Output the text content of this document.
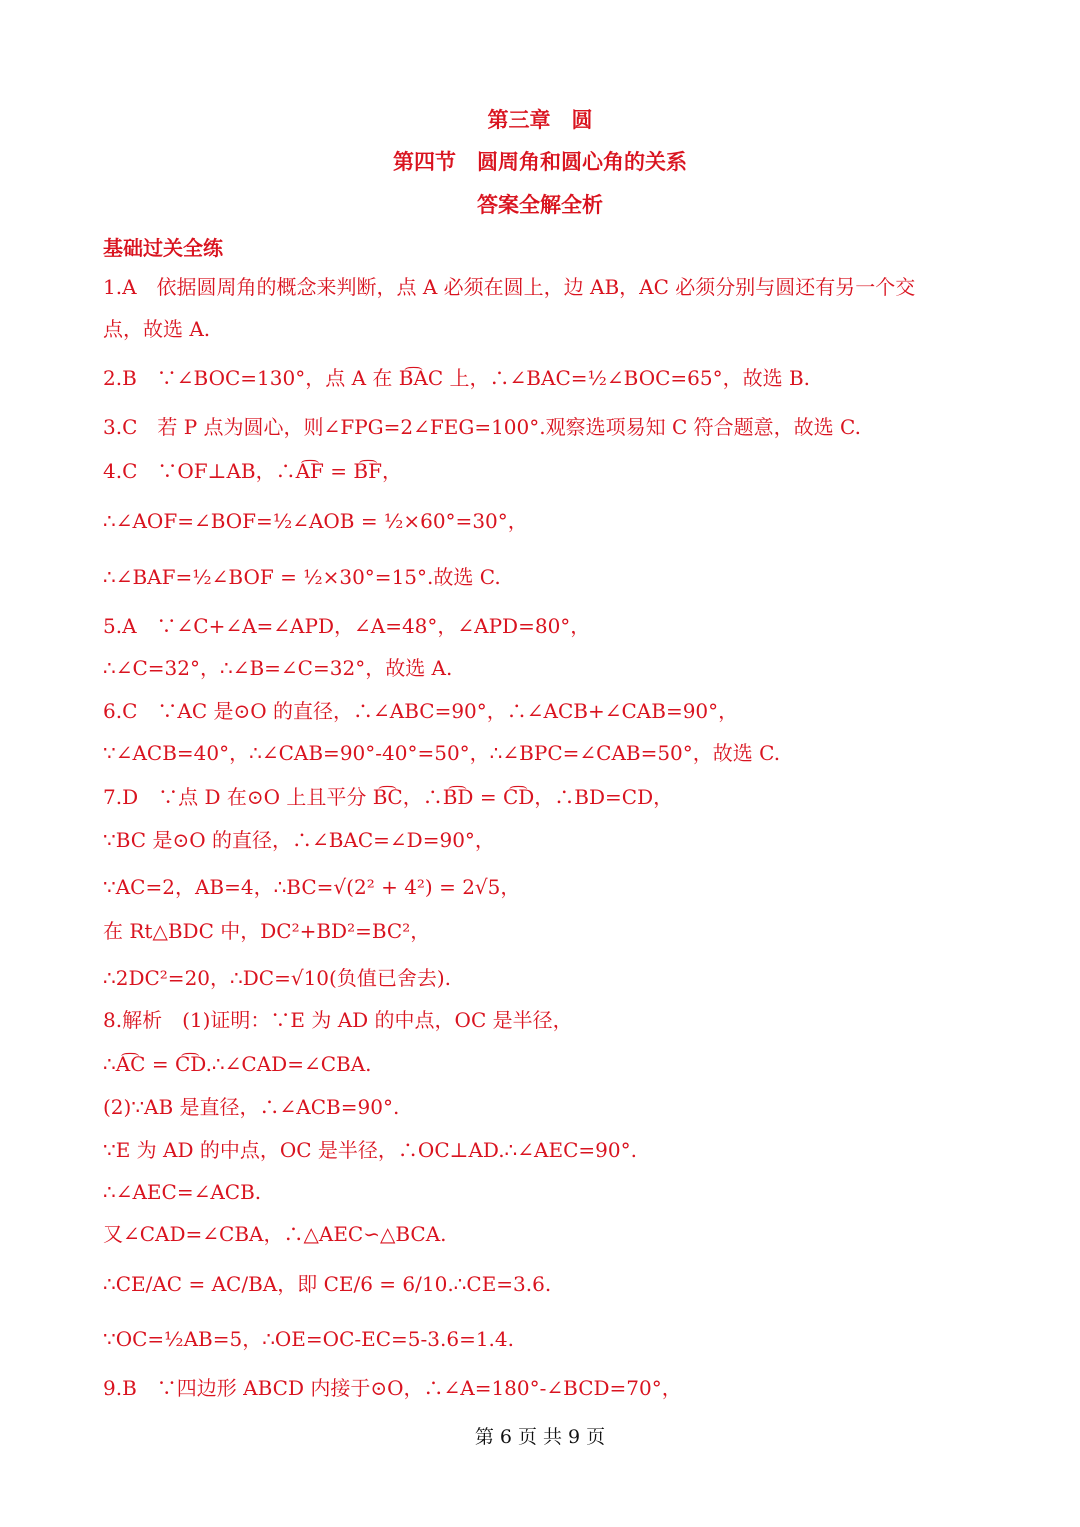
第三章　圆
第四节　圆周角和圆心角的关系
答案全解全析
基础过关全练

1.A　依据圆周角的概念来判断，点 A 必须在圆上，边 AB，AC 必须分别与圆还有另一个交

点，故选 A.

2.B　∵∠BOC=130°，点 A 在 B͡AC 上，∴∠BAC=½∠BOC=65°，故选 B.

3.C　若 P 点为圆心，则∠FPG=2∠FEG=100°.观察选项易知 C 符合题意，故选 C.

4.C　∵OF⊥AB，∴A͡F = B͡F，

∴∠AOF=∠BOF=½∠AOB = ½×60°=30°，

∴∠BAF=½∠BOF = ½×30°=15°.故选 C.

5.A　∵∠C+∠A=∠APD，∠A=48°，∠APD=80°，

∴∠C=32°，∴∠B=∠C=32°，故选 A.

6.C　∵AC 是⊙O 的直径，∴∠ABC=90°，∴∠ACB+∠CAB=90°，

∵∠ACB=40°，∴∠CAB=90°-40°=50°，∴∠BPC=∠CAB=50°，故选 C.

7.D　∵点 D 在⊙O 上且平分 B͡C，∴B͡D = C͡D，∴BD=CD，

∵BC 是⊙O 的直径，∴∠BAC=∠D=90°，

∵AC=2，AB=4，∴BC=√(2² + 4²) = 2√5，

在 Rt△BDC 中，DC²+BD²=BC²，

∴2DC²=20，∴DC=√10(负值已舍去).

8.解析　(1)证明：∵E 为 AD 的中点，OC 是半径，

∴A͡C = C͡D.∴∠CAD=∠CBA.

(2)∵AB 是直径，∴∠ACB=90°.

∵E 为 AD 的中点，OC 是半径，∴OC⊥AD.∴∠AEC=90°.

∴∠AEC=∠ACB.

又∠CAD=∠CBA，∴△AEC∽△BCA.

∴CE/AC = AC/BA，即 CE/6 = 6/10.∴CE=3.6.

∵OC=½AB=5，∴OE=OC-EC=5-3.6=1.4.

9.B　∵四边形 ABCD 内接于⊙O，∴∠A=180°-∠BCD=70°，

第 6 页 共 9 页
